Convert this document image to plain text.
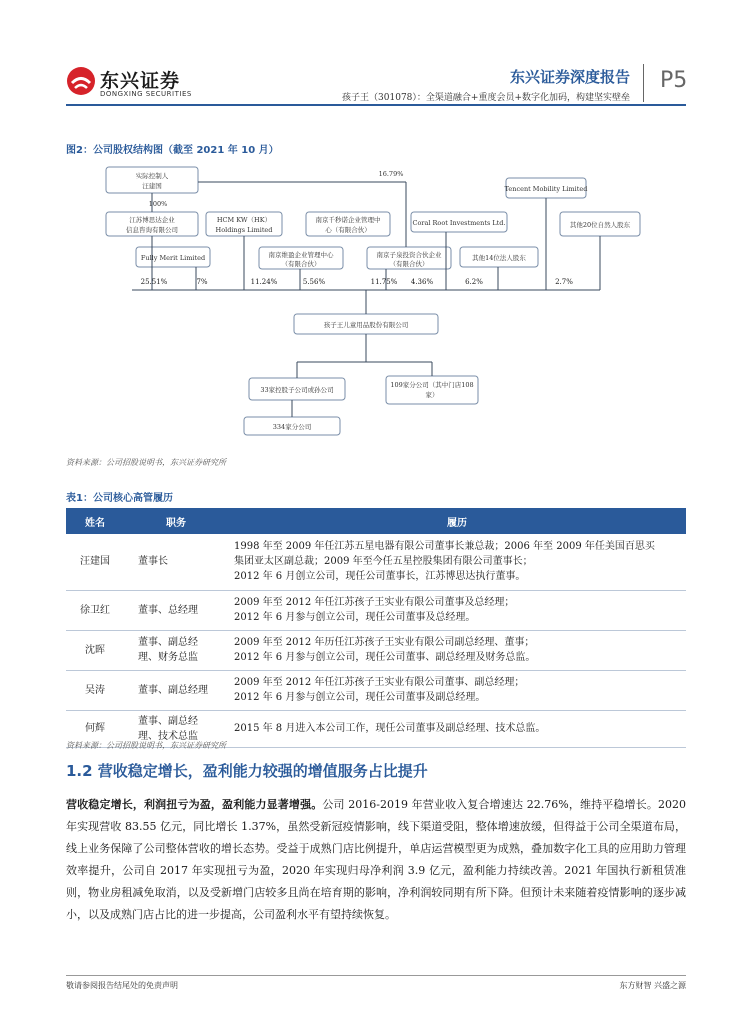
东兴证券
DONGXING SECURITIES
东兴证券深度报告 P5
孩子王（301078）：全渠道融合+重度会员+数字化加码，构建坚实壁垒
图2：公司股权结构图（截至 2021 年 10 月）
实际控制人
汪建国
100%
16.79%
江苏博思达企业
信息咨询有限公司
Fully Merit Limited
HCM KW（HK）
Holdings Limited
南京千秒诺企业管理中
心（有限合伙）
南京维盈企业管理中心
（有限合伙）
Coral Root Investments Ltd.
南京子泉投资合伙企业
（有限合伙）
Tencent Mobility Limited
其他14位法人股东
其他20位自然人股东
孩子王儿童用品股份有限公司
33家控股子公司或孙公司
109家分公司（其中门店108
家）
334家分公司
25.51%	7%	11.24%	5.56%	11.75% 4.36%	6.2%	2.7%
资料来源：公司招股说明书，东兴证券研究所
表1：公司核心高管履历
姓名	职务	履历
汪建国	董事长	1998 年至 2009 年任江苏五星电器有限公司董事长兼总裁；2006 年至 2009 年任美国百思买
集团亚太区副总裁；2009 年至今任五星控股集团有限公司董事长；
2012 年 6 月创立公司，现任公司董事长，江苏博思达执行董事。

徐卫红	董事、总经理	2009 年至 2012 年任江苏孩子王实业有限公司董事及总经理；
2012 年 6 月参与创立公司，现任公司董事及总经理。

沈晖	董事、副总经
理、财务总监	2009 年至 2012 年历任江苏孩子王实业有限公司副总经理、董事；
2012 年 6 月参与创立公司，现任公司董事、副总经理及财务总监。

吴涛	董事、副总经理	2009 年至 2012 年任江苏孩子王实业有限公司董事、副总经理；
2012 年 6 月参与创立公司，现任公司董事及副总经理。

何辉	董事、副总经
理、技术总监	2015 年 8 月进入本公司工作，现任公司董事及副总经理、技术总监。
资料来源：公司招股说明书，东兴证券研究所
1.2 营收稳定增长，盈利能力较强的增值服务占比提升
营收稳定增长，利润扭亏为盈，盈利能力显著增强。公司 2016-2019 年营业收入复合增速达 22.76%，维持平稳增长。2020 年实现营收 83.55 亿元，同比增长 1.37%，虽然受新冠疫情影响，线下渠道受阻，整体增速放缓，但得益于公司全渠道布局，线上业务保障了公司整体营收的增长态势。受益于成熟门店比例提升，单店运营模型更为成熟，叠加数字化工具的应用助力管理效率提升，公司自 2017 年实现扭亏为盈，2020 年实现归母净利润 3.9 亿元，盈利能力持续改善。2021 年国执行新租赁准则，物业房租减免取消，以及受新增门店较多且尚在培育期的影响，净利润较同期有所下降。但预计未来随着疫情影响的逐步减小，以及成熟门店占比的进一步提高，公司盈利水平有望持续恢复。
敬请参阅报告结尾处的免责声明	东方财智 兴盛之源
